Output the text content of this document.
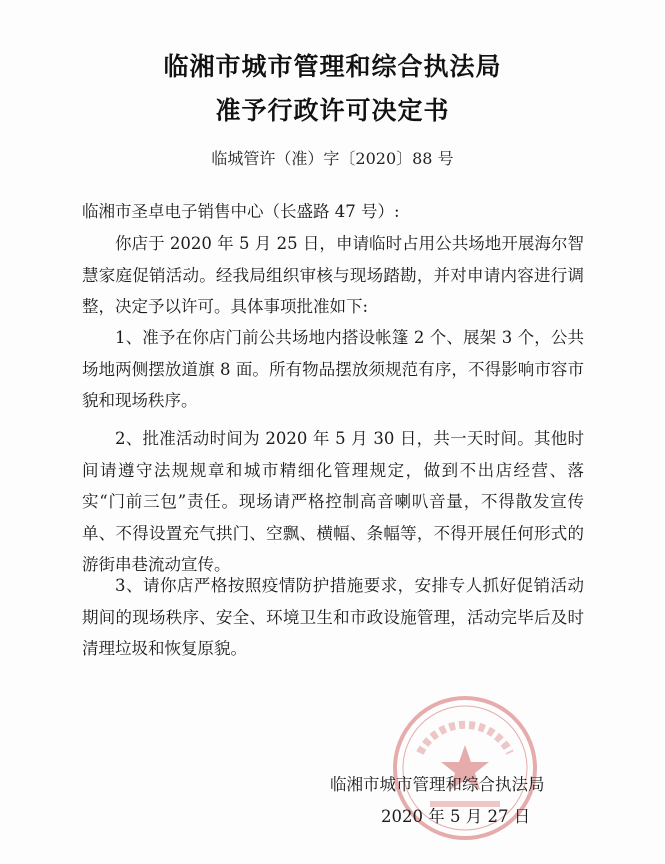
临湘市城市管理和综合执法局
准予行政许可决定书
临城管许（准）字〔2020〕88 号
临湘市圣卓电子销售中心（长盛路 47 号）:
你店于 2020 年 5 月 25 日，申请临时占用公共场地开展海尔智慧家庭促销活动。经我局组织审核与现场踏勘，并对申请内容进行调整，决定予以许可。具体事项批准如下:
1、准予在你店门前公共场地内搭设帐篷 2 个、展架 3 个，公共场地两侧摆放道旗 8 面。所有物品摆放须规范有序，不得影响市容市貌和现场秩序。
2、批准活动时间为 2020 年 5 月 30 日，共一天时间。其他时间请遵守法规规章和城市精细化管理规定，做到不出店经营、落实“门前三包”责任。现场请严格控制高音喇叭音量，不得散发宣传单、不得设置充气拱门、空飘、横幅、条幅等，不得开展任何形式的游街串巷流动宣传。
3、请你店严格按照疫情防护措施要求，安排专人抓好促销活动期间的现场秩序、安全、环境卫生和市政设施管理，活动完毕后及时清理垃圾和恢复原貌。
临湘市城市管理和综合执法局
2020 年 5 月 27 日
